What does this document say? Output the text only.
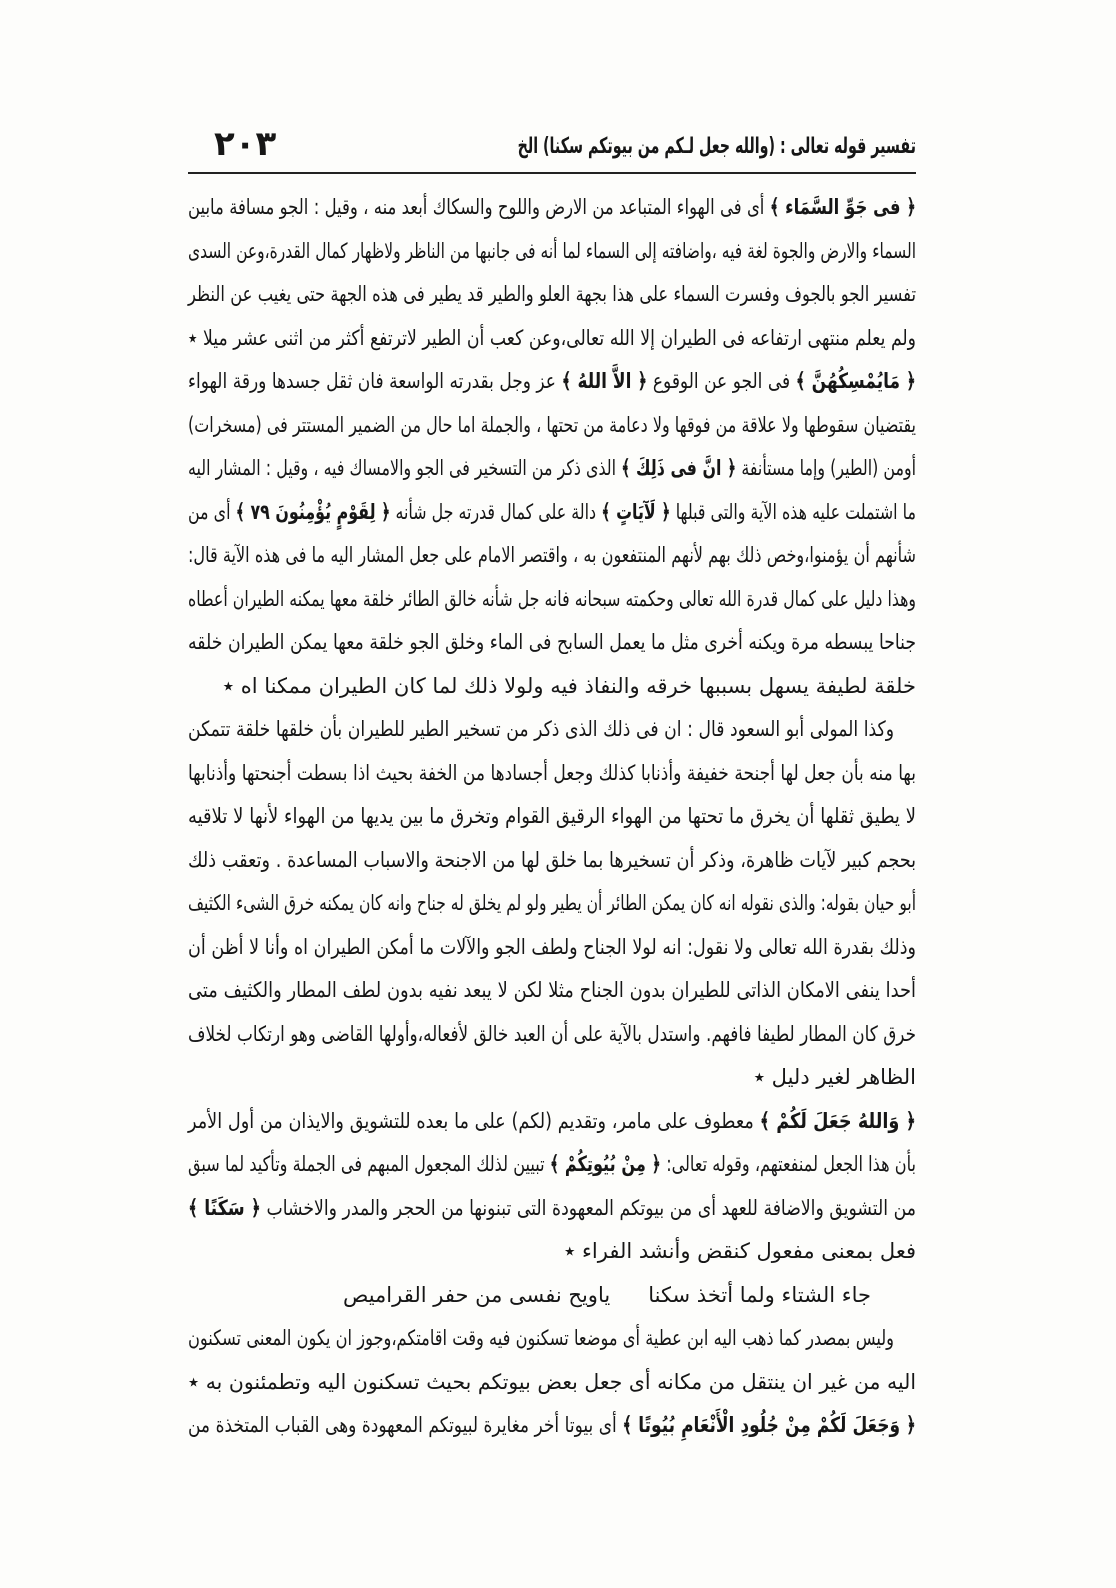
تفسير قوله تعالى : (والله جعل لـكم من بيوتكم سكنا) الخ
٢٠٣
﴿ فى جَوِّ السَّمَاء ﴾ أى فى الهواء المتباعد من الارض واللوح والسكاك أبعد منه ، وقيل : الجو مسافة مابين
السماء والارض والجوة لغة فيه ،واضافته إلى السماء لما أنه فى جانبها من الناظر ولاظهار كمال القدرة،وعن السدى
تفسير الجو بالجوف وفسرت السماء على هذا بجهة العلو والطير قد يطير فى هذه الجهة حتى يغيب عن النظر
ولم يعلم منتهى ارتفاعه فى الطيران إلا الله تعالى،وعن كعب أن الطير لاترتفع أكثر من اثنى عشر ميلا ٭
﴿ مَايُمْسِكُهُنَّ ﴾ فى الجو عن الوقوع ﴿ الاَّ اللهُ ﴾ عز وجل بقدرته الواسعة فان ثقل جسدها ورقة الهواء
يقتضيان سقوطها ولا علاقة من فوقها ولا دعامة من تحتها ، والجملة اما حال من الضمير المستتر فى (مسخرات)
أومن (الطير) وإما مستأنفة ﴿ انَّ فى ذَلِكَ ﴾ الذى ذكر من التسخير فى الجو والامساك فيه ، وقيل : المشار اليه
ما اشتملت عليه هذه الآية والتى قبلها ﴿ لَآيَاتٍ ﴾ دالة على كمال قدرته جل شأنه ﴿ لِقَوْمٍ يُؤْمِنُونَ ٧٩ ﴾ أى من
شأنهم أن يؤمنوا،وخص ذلك بهم لأنهم المنتفعون به ، واقتصر الامام على جعل المشار اليه ما فى هذه الآية قال:
وهذا دليل على كمال قدرة الله تعالى وحكمته سبحانه فانه جل شأنه خالق الطائر خلقة معها يمكنه الطيران أعطاه
جناحا يبسطه مرة ويكنه أخرى مثل ما يعمل السابح فى الماء وخلق الجو خلقة معها يمكن الطيران خلقه
خلقة لطيفة يسهل بسببها خرقه والنفاذ فيه ولولا ذلك لما كان الطيران ممكنا اه ٭
وكذا المولى أبو السعود قال : ان فى ذلك الذى ذكر من تسخير الطير للطيران بأن خلقها خلقة تتمكن
بها منه بأن جعل لها أجنحة خفيفة وأذنابا كذلك وجعل أجسادها من الخفة بحيث اذا بسطت أجنحتها وأذنابها
لا يطيق ثقلها أن يخرق ما تحتها من الهواء الرقيق القوام وتخرق ما بين يديها من الهواء لأنها لا تلاقيه
بحجم كبير لآيات ظاهرة، وذكر أن تسخيرها بما خلق لها من الاجنحة والاسباب المساعدة . وتعقب ذلك
أبو حيان بقوله: والذى نقوله انه كان يمكن الطائر أن يطير ولو لم يخلق له جناح وانه كان يمكنه خرق الشىء الكثيف
وذلك بقدرة الله تعالى ولا نقول: انه لولا الجناح ولطف الجو والآلات ما أمكن الطيران اه وأنا لا أظن أن
أحدا ينفى الامكان الذاتى للطيران بدون الجناح مثلا لكن لا يبعد نفيه بدون لطف المطار والكثيف متى
خرق كان المطار لطيفا فافهم. واستدل بالآية على أن العبد خالق لأفعاله،وأولها القاضى وهو ارتكاب لخلاف
الظاهر لغير دليل ٭
﴿ وَاللهُ جَعَلَ لَكُمْ ﴾ معطوف على مامر، وتقديم (لكم) على ما بعده للتشويق والايذان من أول الأمر
بأن هذا الجعل لمنفعتهم، وقوله تعالى: ﴿ مِنْ بُيُوتِكُمْ ﴾ تبيين لذلك المجعول المبهم فى الجملة وتأكيد لما سبق
من التشويق والاضافة للعهد أى من بيوتكم المعهودة التى تبنونها من الحجر والمدر والاخشاب ﴿ سَكَنًا ﴾
فعل بمعنى مفعول كنقض وأنشد الفراء ٭
جاء الشتاء ولما أتخذ سكنا
ياويح نفسى من حفر القراميص
وليس بمصدر كما ذهب اليه ابن عطية أى موضعا تسكنون فيه وقت اقامتكم،وجوز ان يكون المعنى تسكنون
اليه من غير ان ينتقل من مكانه أى جعل بعض بيوتكم بحيث تسكنون اليه وتطمئنون به ٭
﴿ وَجَعَلَ لَكُمْ مِنْ جُلُودِ الْأَنْعَامِ بُيُوتًا ﴾ أى بيوتا أخر مغايرة لبيوتكم المعهودة وهى القباب المتخذة من
